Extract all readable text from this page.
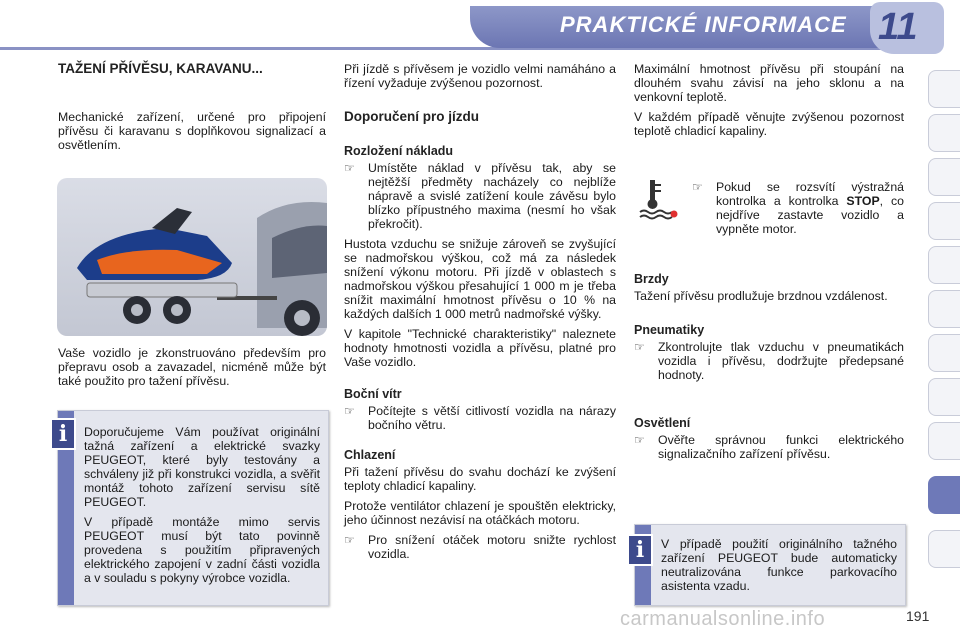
PRAKTICKÉ INFORMACE 11
TAŽENÍ PŘÍVĚSU, KARAVANU...

Mechanické zařízení, určené pro připojení přívěsu či karavanu s doplňkovou signalizací a osvětlením.

Vaše vozidlo je zkonstruováno především pro přepravu osob a zavazadel, nicméně může být také použito pro tažení přívěsu.

Doporučujeme Vám používat originální tažná zařízení a elektrické svazky PEUGEOT, které byly testovány a schváleny již při konstrukci vozidla, a svěřit montáž tohoto zařízení servisu sítě PEUGEOT.

V případě montáže mimo servis PEUGEOT musí být tato povinně provedena s použitím připravených elektrického zapojení v zadní části vozidla a v souladu s pokyny výrobce vozidla.

i

Při jízdě s přívěsem je vozidlo velmi namáháno a řízení vyžaduje zvýšenou pozornost.

Doporučení pro jízdu
Rozložení nákladu
☞	Umístěte náklad v přívěsu tak, aby se nejtěžší předměty nacházely co nejblíže nápravě a svislé zatížení koule závěsu bylo blízko přípustného maxima (nesmí ho však překročit).

Hustota vzduchu se snižuje zároveň se zvyšující se nadmořskou výškou, což má za následek snížení výkonu motoru. Při jízdě v oblastech s nadmořskou výškou přesahující 1 000 m je třeba snížit maximální hmotnost přívěsu o 10 % na každých dalších 1 000 metrů nadmořské výšky.

V kapitole "Technické charakteristiky" naleznete hodnoty hmotnosti vozidla a přívěsu, platné pro Vaše vozidlo.

Boční vítr
☞	Počítejte s větší citlivostí vozidla na nárazy bočního větru.
Chlazení

Při tažení přívěsu do svahu dochází ke zvýšení teploty chladicí kapaliny.

Protože ventilátor chlazení je spouštěn elektricky, jeho účinnost nezávisí na otáčkách motoru.

☞	Pro snížení otáček motoru snižte rychlost vozidla.

Maximální hmotnost přívěsu při stoupání na dlouhém svahu závisí na jeho sklonu a na venkovní teplotě.

V každém případě věnujte zvýšenou pozornost teplotě chladicí kapaliny.

☞	Pokud se rozsvítí výstražná kontrolka a kontrolka STOP, co nejdříve zastavte vozidlo a vypněte motor.
Brzdy

Tažení přívěsu prodlužuje brzdnou vzdálenost.

Pneumatiky
☞	Zkontrolujte tlak vzduchu v pneumatikách vozidla i přívěsu, dodržujte předepsané hodnoty.
Osvětlení
☞	Ověřte správnou funkci elektrického signalizačního zařízení přívěsu.
V případě použití originálního tažného zařízení PEUGEOT bude automaticky neutralizována funkce parkovacího asistenta vzadu.
i
carmanualsonline.info	191
